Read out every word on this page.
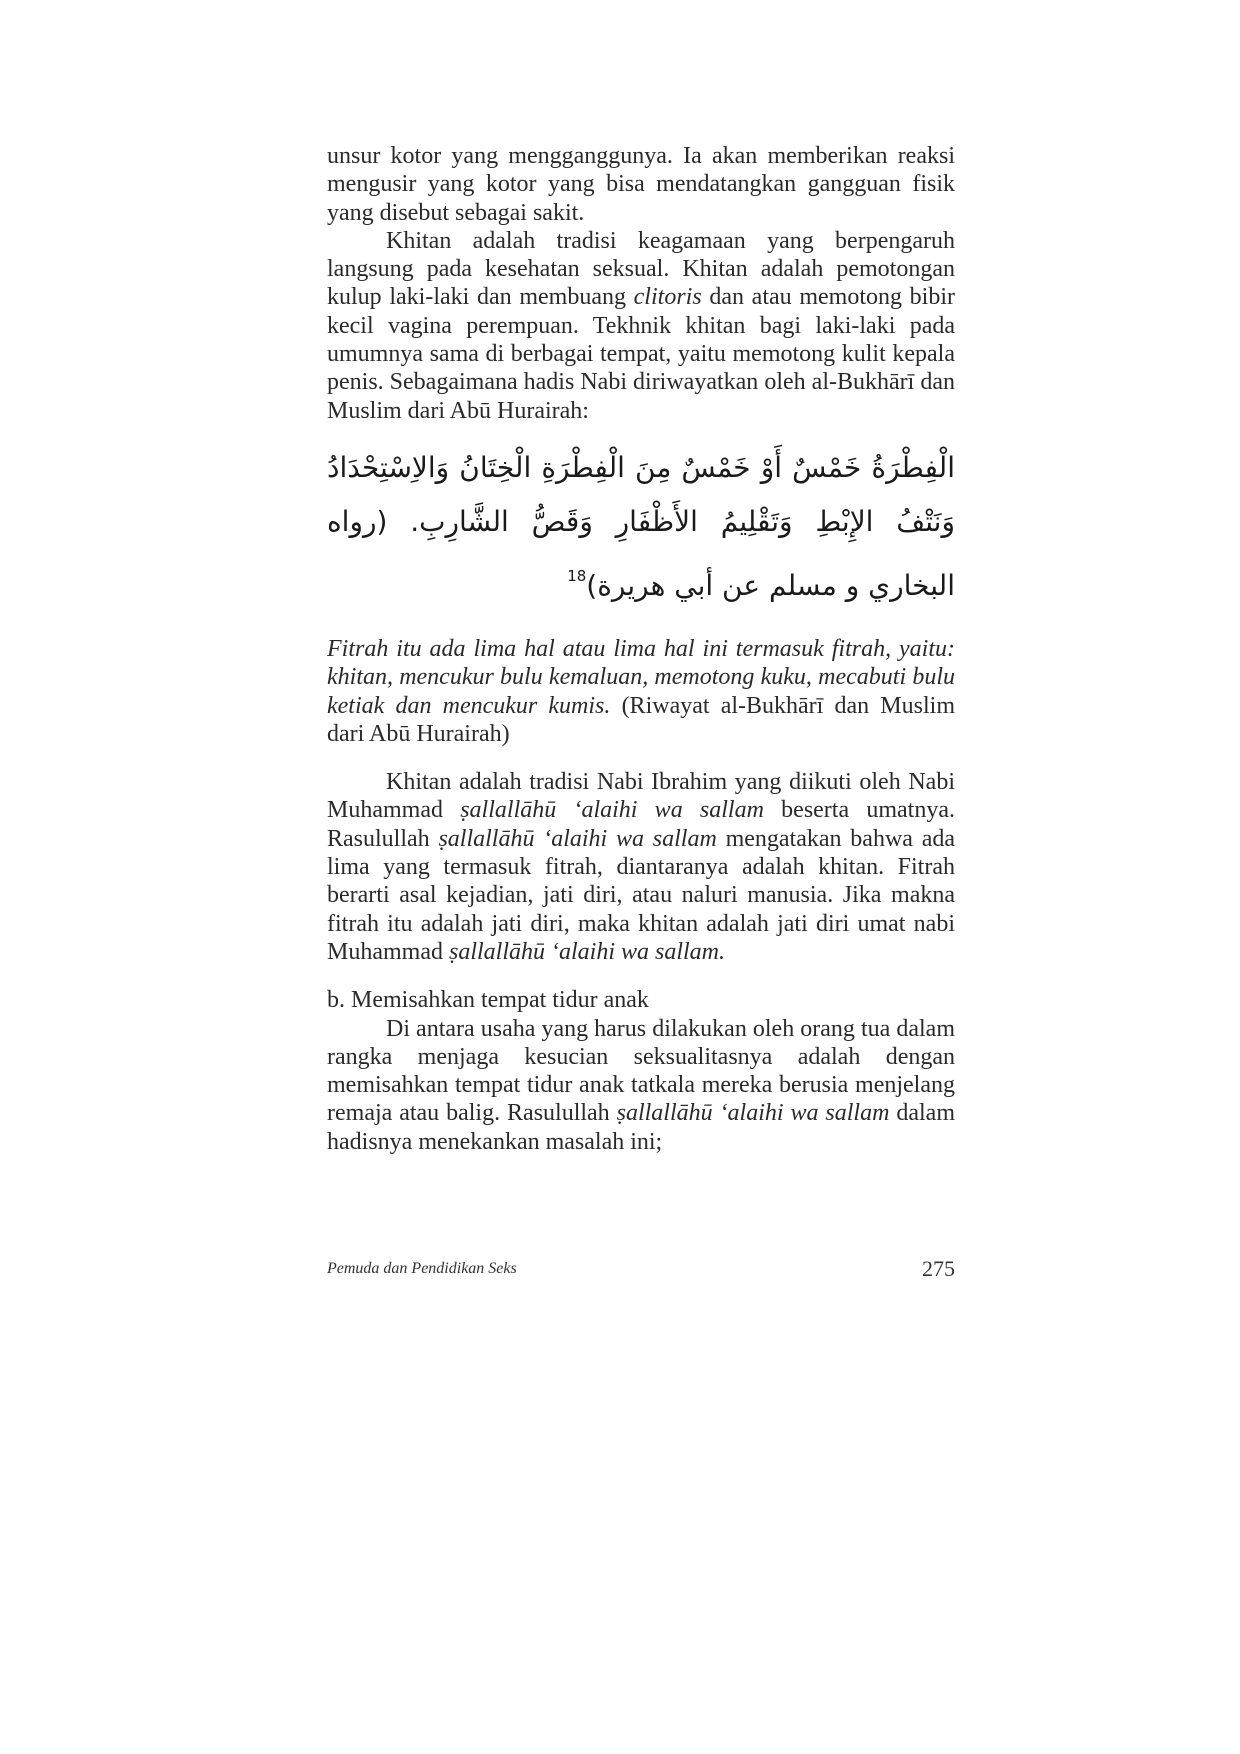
unsur kotor yang mengganggunya. Ia akan memberikan reaksi mengusir yang kotor yang bisa mendatangkan gangguan fisik yang disebut sebagai sakit.

Khitan adalah tradisi keagamaan yang berpengaruh langsung pada kesehatan seksual. Khitan adalah pemotongan kulup laki-laki dan membuang clitoris dan atau memotong bibir kecil vagina perempuan. Tekhnik khitan bagi laki-laki pada umumnya sama di berbagai tempat, yaitu memotong kulit kepala penis. Sebagaimana hadis Nabi diriwayatkan oleh al-Bukhārī dan Muslim dari Abū Hurairah:

الْفِطْرَةُ خَمْسٌ أَوْ خَمْسٌ مِنَ الْفِطْرَةِ الْخِتَانُ وَالاِسْتِحْدَادُ وَنَتْفُ الإِبْطِ وَتَقْلِيمُ الأَظْفَارِ وَقَصُّ الشَّارِبِ. (رواه البخاري و مسلم عن أبي هريرة)$^{18}$

Fitrah itu ada lima hal atau lima hal ini termasuk fitrah, yaitu: khitan, mencukur bulu kemaluan, memotong kuku, mecabuti bulu ketiak dan mencukur kumis. (Riwayat al-Bukhārī dan Muslim dari Abū Hurairah)

Khitan adalah tradisi Nabi Ibrahim yang diikuti oleh Nabi Muhammad ṣallallāhū ‘alaihi wa sallam beserta umatnya. Rasulullah ṣallallāhū ‘alaihi wa sallam mengatakan bahwa ada lima yang termasuk fitrah, diantaranya adalah khitan. Fitrah berarti asal kejadian, jati diri, atau naluri manusia. Jika makna fitrah itu adalah jati diri, maka khitan adalah jati diri umat nabi Muhammad ṣallallāhū ‘alaihi wa sallam.

b. Memisahkan tempat tidur anak

Di antara usaha yang harus dilakukan oleh orang tua dalam rangka menjaga kesucian seksualitasnya adalah dengan memisahkan tempat tidur anak tatkala mereka berusia menjelang remaja atau balig. Rasulullah ṣallallāhū ‘alaihi wa sallam dalam hadisnya menekankan masalah ini;

Pemuda dan Pendidikan Seks	275
